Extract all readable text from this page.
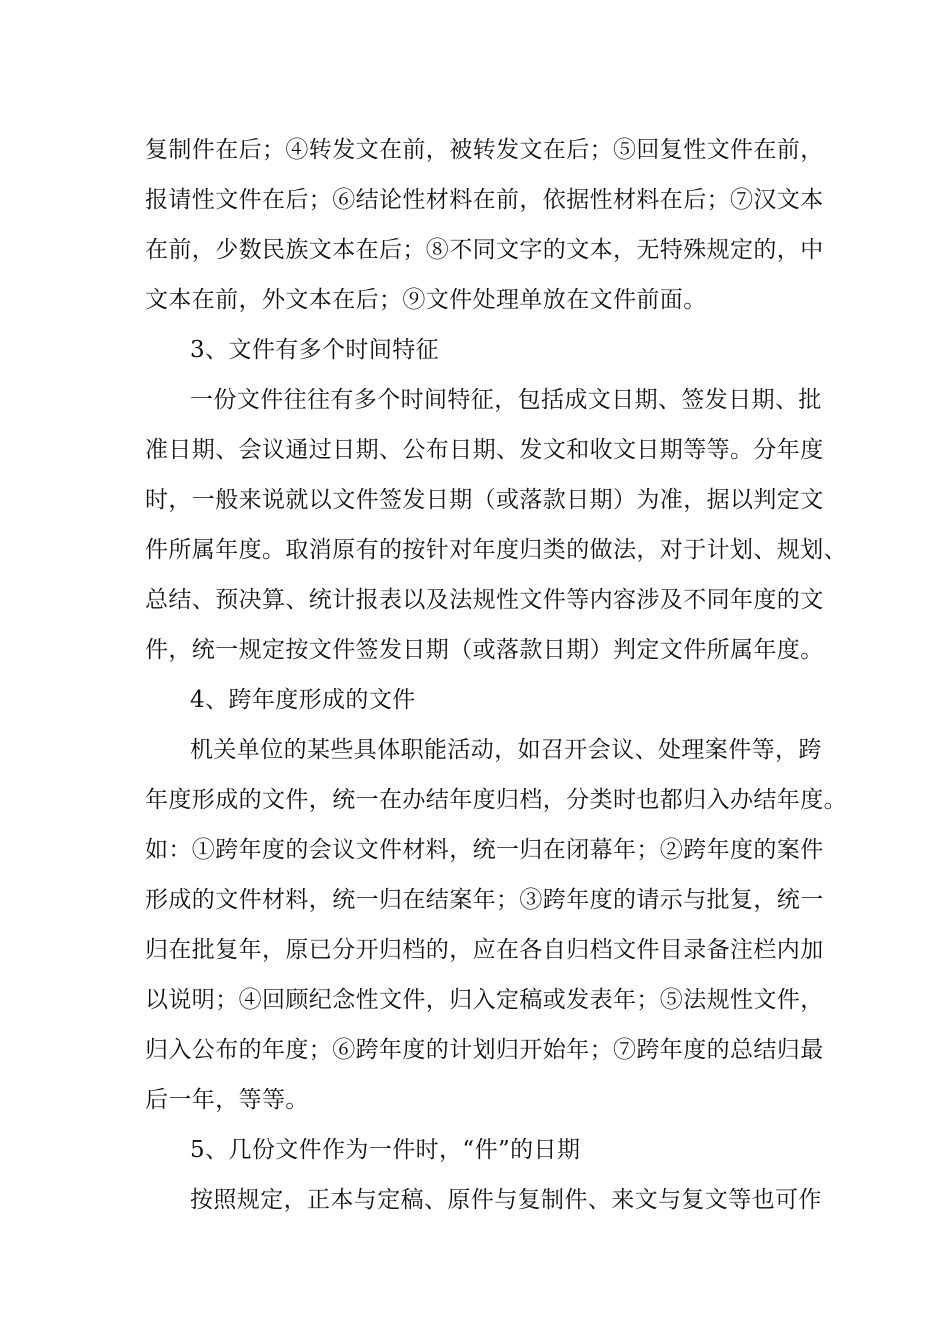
复制件在后；④转发文在前，被转发文在后；⑤回复性文件在前，
报请性文件在后；⑥结论性材料在前，依据性材料在后；⑦汉文本
在前，少数民族文本在后；⑧不同文字的文本，无特殊规定的，中
文本在前，外文本在后；⑨文件处理单放在文件前面。
3、文件有多个时间特征
一份文件往往有多个时间特征，包括成文日期、签发日期、批
准日期、会议通过日期、公布日期、发文和收文日期等等。分年度
时，一般来说就以文件签发日期（或落款日期）为准，据以判定文
件所属年度。取消原有的按针对年度归类的做法，对于计划、规划、
总结、预决算、统计报表以及法规性文件等内容涉及不同年度的文
件，统一规定按文件签发日期（或落款日期）判定文件所属年度。
4、跨年度形成的文件
机关单位的某些具体职能活动，如召开会议、处理案件等，跨
年度形成的文件，统一在办结年度归档，分类时也都归入办结年度。
如：①跨年度的会议文件材料，统一归在闭幕年；②跨年度的案件
形成的文件材料，统一归在结案年；③跨年度的请示与批复，统一
归在批复年，原已分开归档的，应在各自归档文件目录备注栏内加
以说明；④回顾纪念性文件，归入定稿或发表年；⑤法规性文件，
归入公布的年度；⑥跨年度的计划归开始年；⑦跨年度的总结归最
后一年，等等。
5、几份文件作为一件时，“件”的日期
按照规定，正本与定稿、原件与复制件、来文与复文等也可作
